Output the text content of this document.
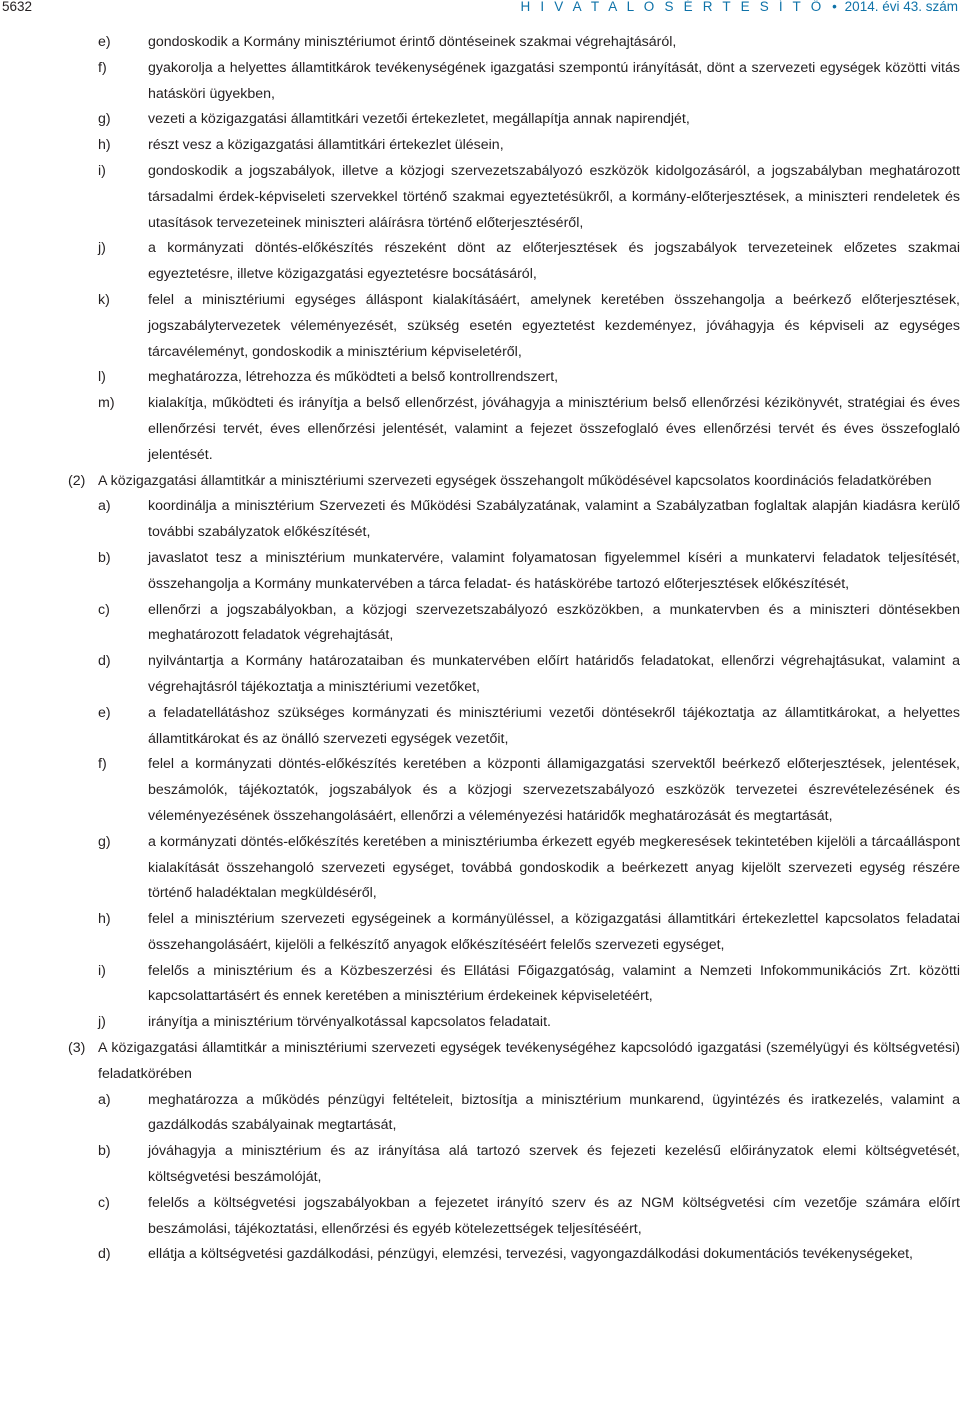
5632	H I V A T A L O S É R T E S Í T Ő • 2014. évi 43. szám
e)	gondoskodik a Kormány minisztériumot érintő döntéseinek szakmai végrehajtásáról,
f)	gyakorolja a helyettes államtitkárok tevékenységének igazgatási szempontú irányítását, dönt a szervezeti egységek közötti vitás hatásköri ügyekben,
g)	vezeti a közigazgatási államtitkári vezetői értekezletet, megállapítja annak napirendjét,
h)	részt vesz a közigazgatási államtitkári értekezlet ülésein,
i)	gondoskodik a jogszabályok, illetve a közjogi szervezetszabályozó eszközök kidolgozásáról, a jogszabályban meghatározott társadalmi érdek-képviseleti szervekkel történő szakmai egyeztetésükről, a kormány-előterjesztések, a miniszteri rendeletek és utasítások tervezeteinek miniszteri aláírásra történő előterjesztéséről,
j)	a kormányzati döntés-előkészítés részeként dönt az előterjesztések és jogszabályok tervezeteinek előzetes szakmai egyeztetésre, illetve közigazgatási egyeztetésre bocsátásáról,
k)	felel a minisztériumi egységes álláspont kialakításáért, amelynek keretében összehangolja a beérkező előterjesztések, jogszabálytervezetek véleményezését, szükség esetén egyeztetést kezdeményez, jóváhagyja és képviseli az egységes tárcavéleményt, gondoskodik a minisztérium képviseletéről,
l)	meghatározza, létrehozza és működteti a belső kontrollrendszert,
m) kialakítja, működteti és irányítja a belső ellenőrzést, jóváhagyja a minisztérium belső ellenőrzési kézikönyvét, stratégiai és éves ellenőrzési tervét, éves ellenőrzési jelentését, valamint a fejezet összefoglaló éves ellenőrzési tervét és éves összefoglaló jelentését.
(2) A közigazgatási államtitkár a minisztériumi szervezeti egységek összehangolt működésével kapcsolatos koordinációs feladatkörében
a)	koordinálja a minisztérium Szervezeti és Működési Szabályzatának, valamint a Szabályzatban foglaltak alapján kiadásra kerülő további szabályzatok előkészítését,
b)	javaslatot tesz a minisztérium munkatervére, valamint folyamatosan figyelemmel kíséri a munkatervi feladatok teljesítését, összehangolja a Kormány munkatervében a tárca feladat- és hatáskörébe tartozó előterjesztések előkészítését,
c)	ellenőrzi a jogszabályokban, a közjogi szervezetszabályozó eszközökben, a munkatervben és a miniszteri döntésekben meghatározott feladatok végrehajtását,
d)	nyilvántartja a Kormány határozataiban és munkatervében előírt határidős feladatokat, ellenőrzi végrehajtásukat, valamint a végrehajtásról tájékoztatja a minisztériumi vezetőket,
e)	a feladatellátáshoz szükséges kormányzati és minisztériumi vezetői döntésekről tájékoztatja az államtitkárokat, a helyettes államtitkárokat és az önálló szervezeti egységek vezetőit,
f)	felel a kormányzati döntés-előkészítés keretében a központi államigazgatási szervektől beérkező előterjesztések, jelentések, beszámolók, tájékoztatók, jogszabályok és a közjogi szervezetszabályozó eszközök tervezetei észrevételezésének és véleményezésének összehangolásáért, ellenőrzi a véleményezési határidők meghatározását és megtartását,
g)	a kormányzati döntés-előkészítés keretében a minisztériumba érkezett egyéb megkeresések tekintetében kijelöli a tárcaálláspont kialakítását összehangoló szervezeti egységet, továbbá gondoskodik a beérkezett anyag kijelölt szervezeti egység részére történő haladéktalan megküldéséről,
h)	felel a minisztérium szervezeti egységeinek a kormányüléssel, a közigazgatási államtitkári értekezlettel kapcsolatos feladatai összehangolásáért, kijelöli a felkészítő anyagok előkészítéséért felelős szervezeti egységet,
i)	felelős a minisztérium és a Közbeszerzési és Ellátási Főigazgatóság, valamint a Nemzeti Infokommunikációs Zrt. közötti kapcsolattartásért és ennek keretében a minisztérium érdekeinek képviseletéért,
j)	irányítja a minisztérium törvényalkotással kapcsolatos feladatait.
(3) A közigazgatási államtitkár a minisztériumi szervezeti egységek tevékenységéhez kapcsolódó igazgatási (személyügyi és költségvetési) feladatkörében
a)	meghatározza a működés pénzügyi feltételeit, biztosítja a minisztérium munkarend, ügyintézés és iratkezelés, valamint a gazdálkodás szabályainak megtartását,
b)	jóváhagyja a minisztérium és az irányítása alá tartozó szervek és fejezeti kezelésű előirányzatok elemi költségvetését, költségvetési beszámolóját,
c)	felelős a költségvetési jogszabályokban a fejezetet irányító szerv és az NGM költségvetési cím vezetője számára előírt beszámolási, tájékoztatási, ellenőrzési és egyéb kötelezettségek teljesítéséért,
d)	ellátja a költségvetési gazdálkodási, pénzügyi, elemzési, tervezési, vagyongazdálkodási dokumentációs tevékenységeket,
